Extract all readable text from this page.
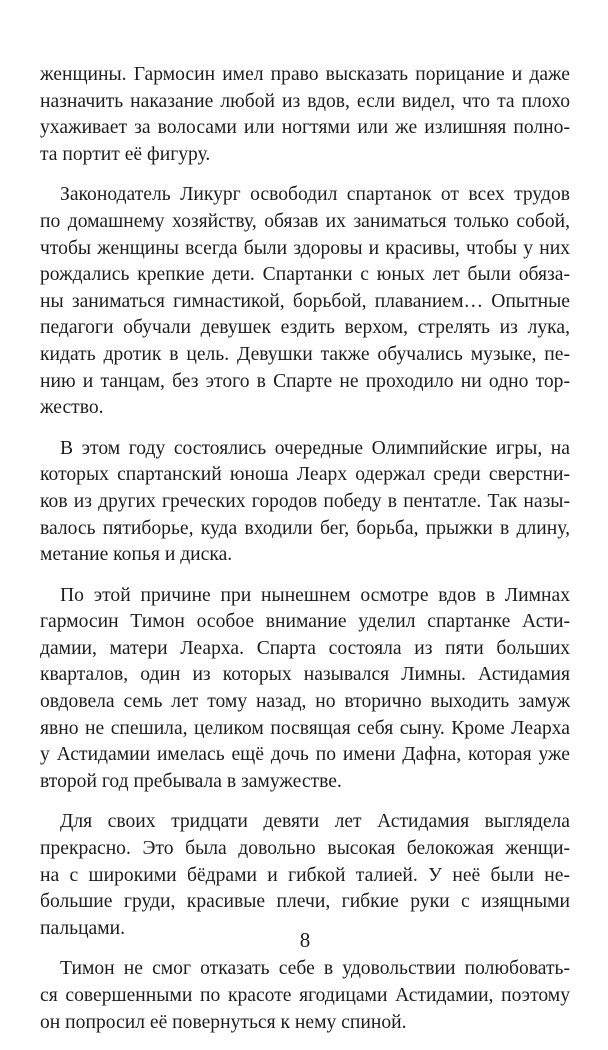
женщины. Гармосин имел право высказать порицание и даже
назначить наказание любой из вдов, если видел, что та плохо
ухаживает за волосами или ногтями или же излишняя полно-
та портит её фигуру.
Законодатель Ликург освободил спартанок от всех трудов
по домашнему хозяйству, обязав их заниматься только собой,
чтобы женщины всегда были здоровы и красивы, чтобы у них
рождались крепкие дети. Спартанки с юных лет были обяза-
ны заниматься гимнастикой, борьбой, плаванием… Опытные
педагоги обучали девушек ездить верхом, стрелять из лука,
кидать дротик в цель. Девушки также обучались музыке, пе-
нию и танцам, без этого в Спарте не проходило ни одно тор-
жество.
В этом году состоялись очередные Олимпийские игры, на
которых спартанский юноша Леарх одержал среди сверстни-
ков из других греческих городов победу в пентатле. Так назы-
валось пятиборье, куда входили бег, борьба, прыжки в длину,
метание копья и диска.
По этой причине при нынешнем осмотре вдов в Лимнах
гармосин Тимон особое внимание уделил спартанке Асти-
дамии, матери Леарха. Спарта состояла из пяти больших
кварталов, один из которых назывался Лимны. Астидамия
овдовела семь лет тому назад, но вторично выходить замуж
явно не спешила, целиком посвящая себя сыну. Кроме Леарха
у Астидамии имелась ещё дочь по имени Дафна, которая уже
второй год пребывала в замужестве.
Для своих тридцати девяти лет Астидамия выглядела
прекрасно. Это была довольно высокая белокожая женщи-
на с широкими бёдрами и гибкой талией. У неё были не-
большие груди, красивые плечи, гибкие руки с изящными
пальцами.
Тимон не смог отказать себе в удовольствии полюбовать-
ся совершенными по красоте ягодицами Астидамии, поэтому
он попросил её повернуться к нему спиной.
8
